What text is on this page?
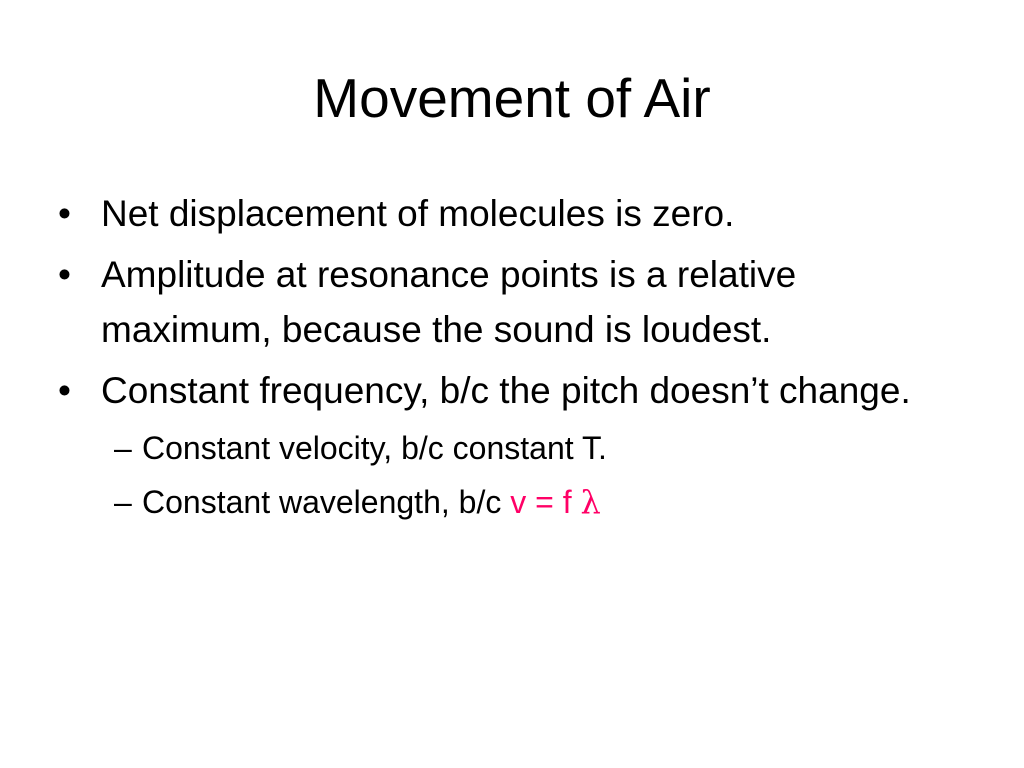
Movement of Air
• Net displacement of molecules is zero.
• Amplitude at resonance points is a relative maximum, because the sound is loudest.
• Constant frequency, b/c the pitch doesn’t change.
– Constant velocity, b/c constant T.
– Constant wavelength, b/c v = f λ
